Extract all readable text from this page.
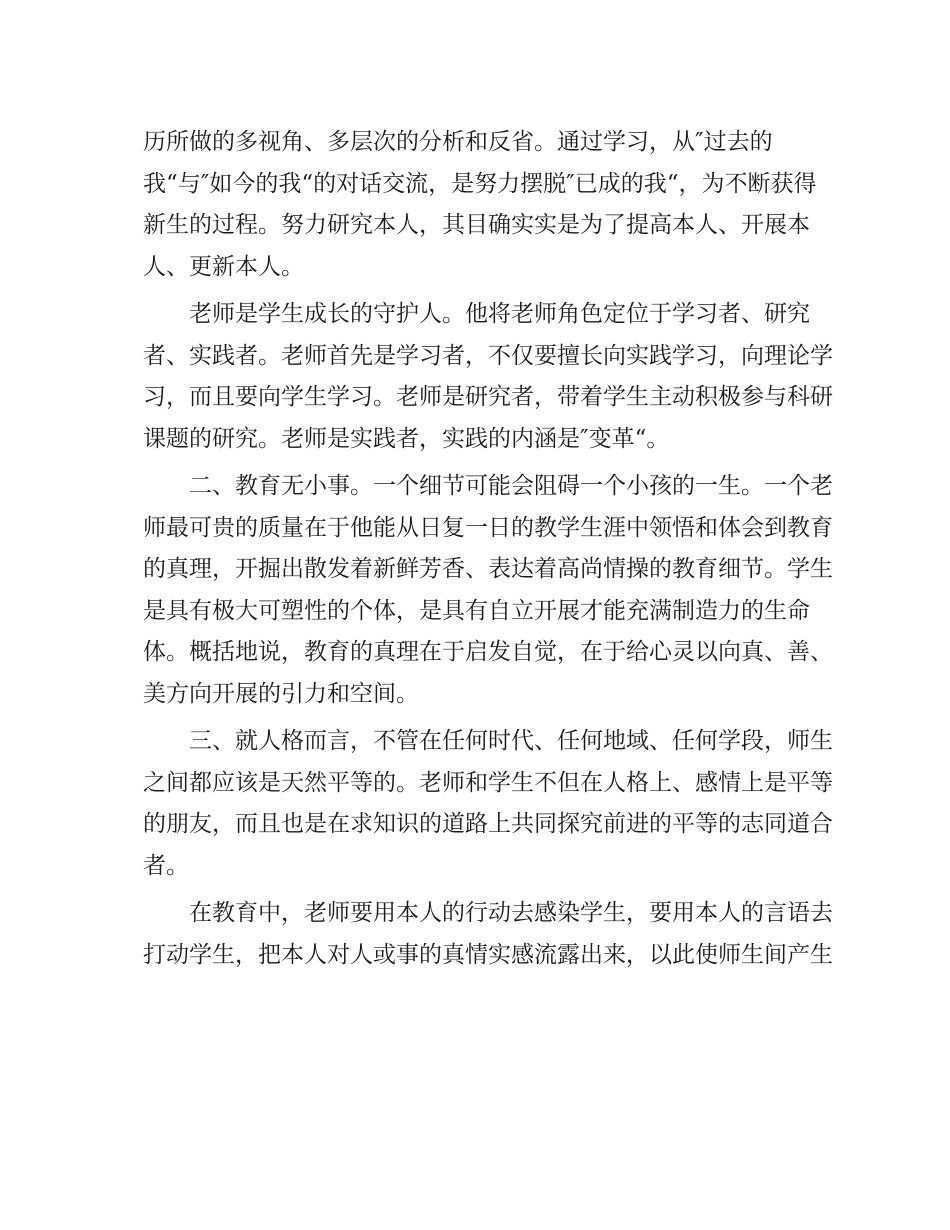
历所做的多视角、多层次的分析和反省。通过学习，从″过去的
我“与″如今的我“的对话交流，是努力摆脱″已成的我“，为不断获得
新生的过程。努力研究本人，其目确实实是为了提高本人、开展本
人、更新本人。
老师是学生成长的守护人。他将老师角色定位于学习者、研究
者、实践者。老师首先是学习者，不仅要擅长向实践学习，向理论学
习，而且要向学生学习。老师是研究者，带着学生主动积极参与科研
课题的研究。老师是实践者，实践的内涵是″变革“。
二、教育无小事。一个细节可能会阻碍一个小孩的一生。一个老
师最可贵的质量在于他能从日复一日的教学生涯中领悟和体会到教育
的真理，开掘出散发着新鲜芳香、表达着高尚情操的教育细节。学生
是具有极大可塑性的个体，是具有自立开展才能充满制造力的生命
体。概括地说，教育的真理在于启发自觉，在于给心灵以向真、善、
美方向开展的引力和空间。
三、就人格而言，不管在任何时代、任何地域、任何学段，师生
之间都应该是天然平等的。老师和学生不但在人格上、感情上是平等
的朋友，而且也是在求知识的道路上共同探究前进的平等的志同道合
者。
在教育中，老师要用本人的行动去感染学生，要用本人的言语去
打动学生，把本人对人或事的真情实感流露出来，以此使师生间产生
